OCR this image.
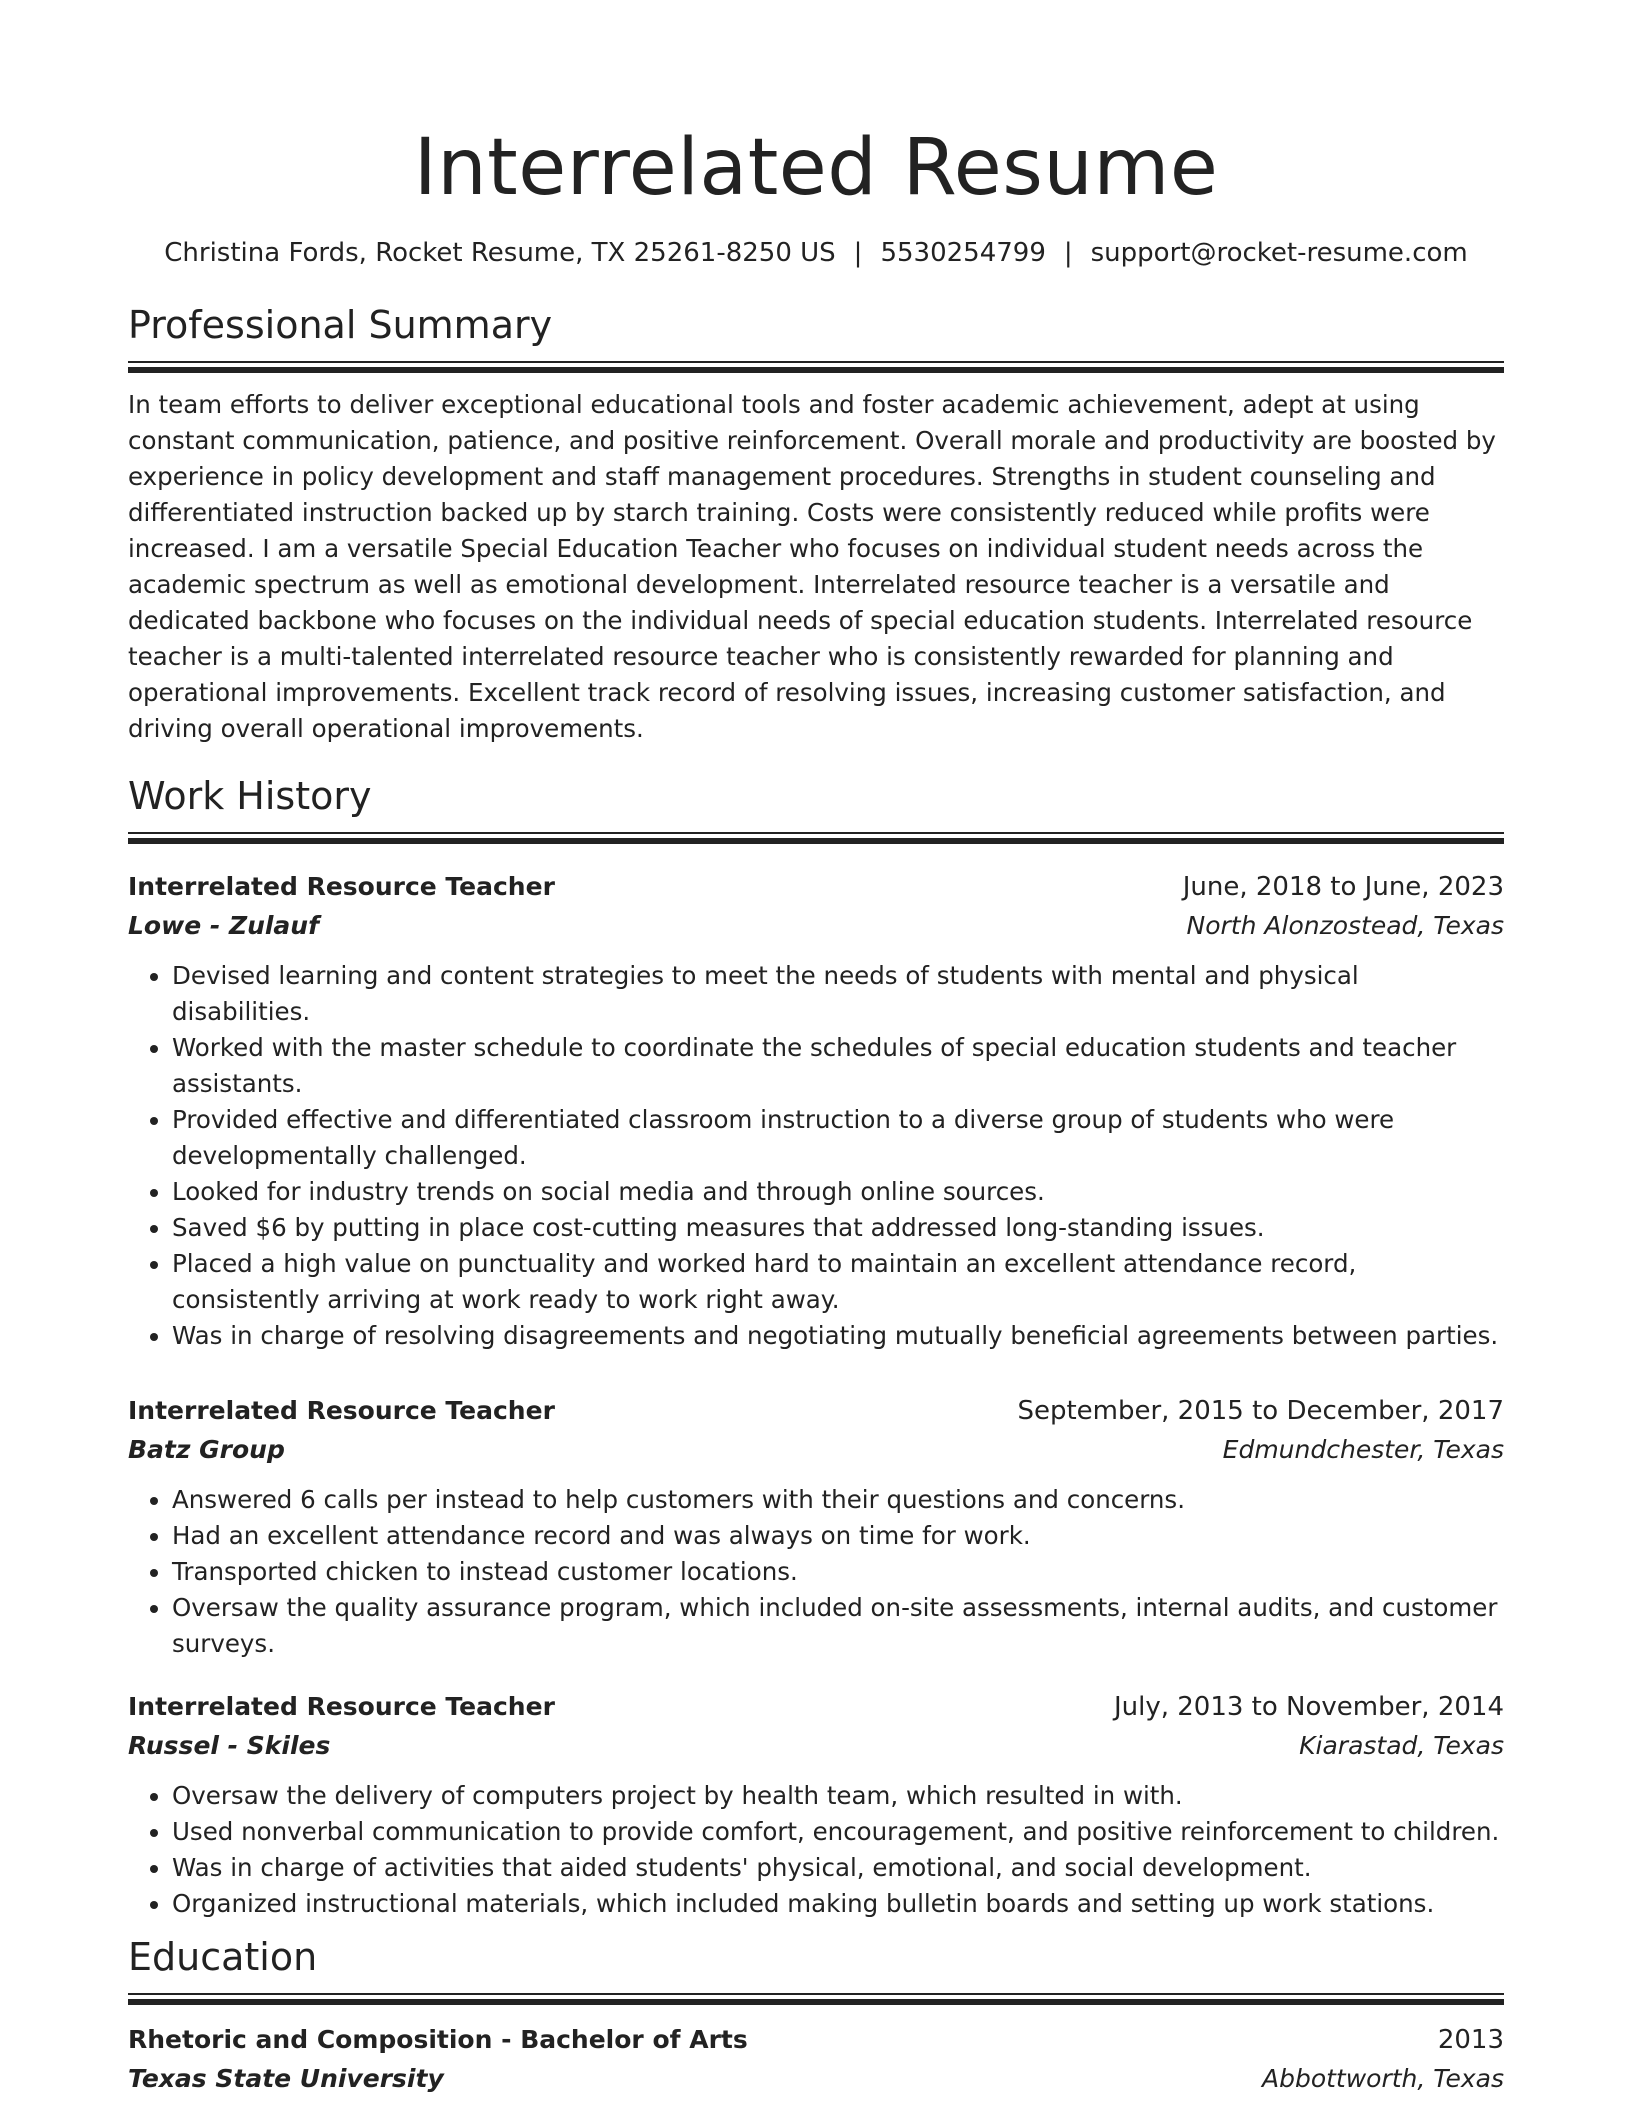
Interrelated Resume
Christina Fords, Rocket Resume, TX 25261-8250 US | 5530254799 | support@rocket-resume.com
Professional Summary
In team efforts to deliver exceptional educational tools and foster academic achievement, adept at using constant communication, patience, and positive reinforcement. Overall morale and productivity are boosted by experience in policy development and staff management procedures. Strengths in student counseling and differentiated instruction backed up by starch training. Costs were consistently reduced while profits were increased. I am a versatile Special Education Teacher who focuses on individual student needs across the academic spectrum as well as emotional development. Interrelated resource teacher is a versatile and dedicated backbone who focuses on the individual needs of special education students. Interrelated resource teacher is a multi-talented interrelated resource teacher who is consistently rewarded for planning and operational improvements. Excellent track record of resolving issues, increasing customer satisfaction, and driving overall operational improvements.
Work History
Interrelated Resource Teacher	June, 2018 to June, 2023
Lowe - Zulauf	North Alonzostead, Texas
• Devised learning and content strategies to meet the needs of students with mental and physical disabilities.
• Worked with the master schedule to coordinate the schedules of special education students and teacher assistants.
• Provided effective and differentiated classroom instruction to a diverse group of students who were developmentally challenged.
• Looked for industry trends on social media and through online sources.
• Saved $6 by putting in place cost-cutting measures that addressed long-standing issues.
• Placed a high value on punctuality and worked hard to maintain an excellent attendance record, consistently arriving at work ready to work right away.
• Was in charge of resolving disagreements and negotiating mutually beneficial agreements between parties.
Interrelated Resource Teacher	September, 2015 to December, 2017
Batz Group	Edmundchester, Texas
• Answered 6 calls per instead to help customers with their questions and concerns.
• Had an excellent attendance record and was always on time for work.
• Transported chicken to instead customer locations.
• Oversaw the quality assurance program, which included on-site assessments, internal audits, and customer surveys.
Interrelated Resource Teacher	July, 2013 to November, 2014
Russel - Skiles	Kiarastad, Texas
• Oversaw the delivery of computers project by health team, which resulted in with.
• Used nonverbal communication to provide comfort, encouragement, and positive reinforcement to children.
• Was in charge of activities that aided students' physical, emotional, and social development.
• Organized instructional materials, which included making bulletin boards and setting up work stations.
Education
Rhetoric and Composition - Bachelor of Arts	2013
Texas State University	Abbottworth, Texas
